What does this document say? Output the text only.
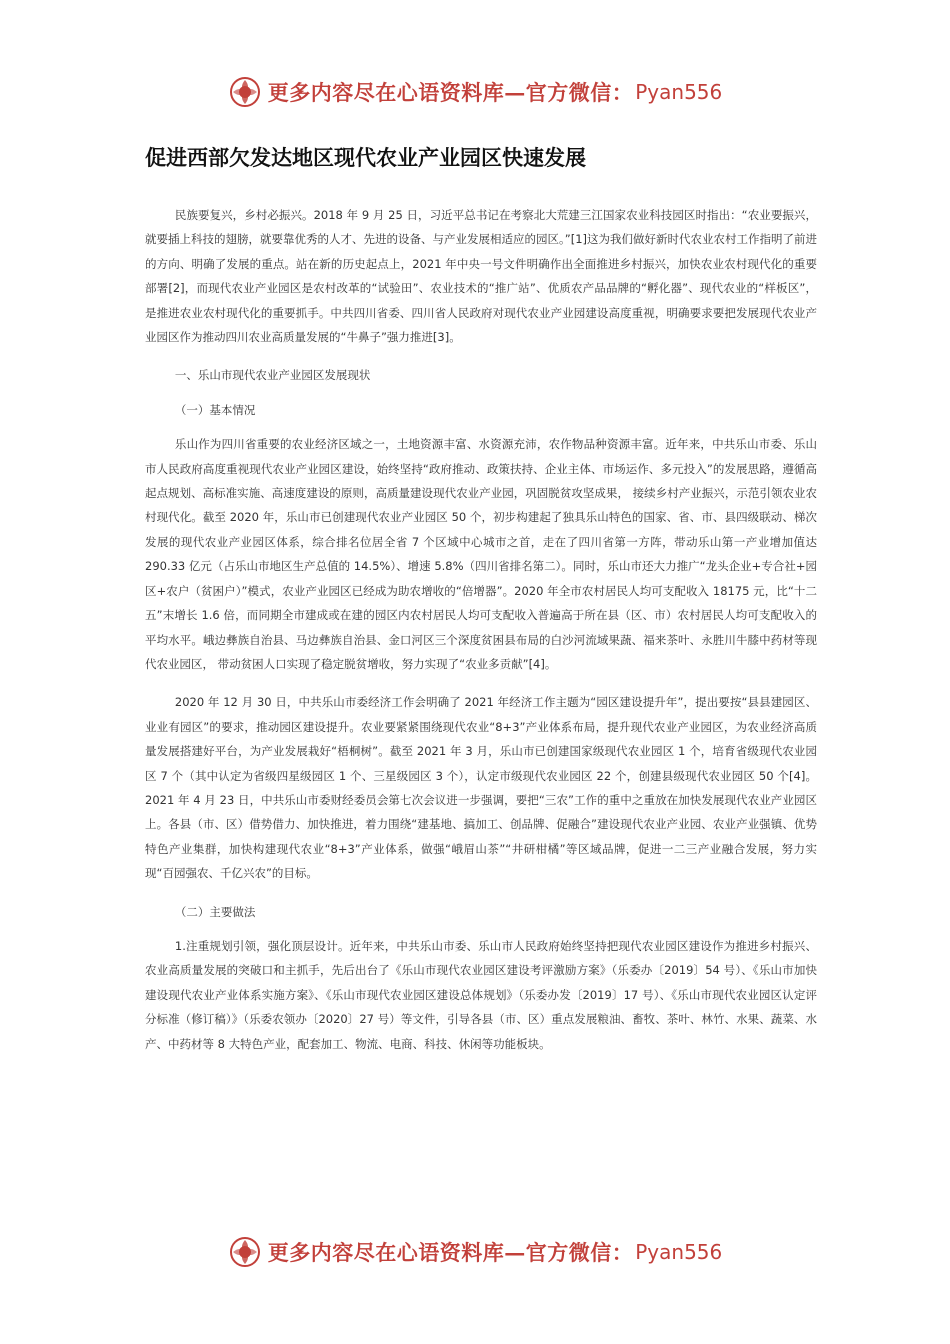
更多内容尽在心语资料库—官方微信： Pyan556
促进西部欠发达地区现代农业产业园区快速发展

民族要复兴，乡村必振兴。2018 年 9 月 25 日，习近平总书记在考察北大荒建三江国家农业科技园区时指出：“农业要振兴，就要插上科技的翅膀，就要靠优秀的人才、先进的设备、与产业发展相适应的园区。”[1]这为我们做好新时代农业农村工作指明了前进的方向、明确了发展的重点。站在新的历史起点上，2021 年中央一号文件明确作出全面推进乡村振兴，加快农业农村现代化的重要部署[2]，而现代农业产业园区是农村改革的“试验田”、农业技术的“推广站”、优质农产品品牌的“孵化器”、现代农业的“样板区”，是推进农业农村现代化的重要抓手。中共四川省委、四川省人民政府对现代农业产业园建设高度重视，明确要求要把发展现代农业产业园区作为推动四川农业高质量发展的“牛鼻子”强力推进[3]。

一、乐山市现代农业产业园区发展现状

（一）基本情况

乐山作为四川省重要的农业经济区域之一，土地资源丰富、水资源充沛，农作物品种资源丰富。近年来，中共乐山市委、乐山市人民政府高度重视现代农业产业园区建设，始终坚持“政府推动、政策扶持、企业主体、市场运作、多元投入”的发展思路，遵循高起点规划、高标准实施、高速度建设的原则，高质量建设现代农业产业园，巩固脱贫攻坚成果， 接续乡村产业振兴，示范引领农业农村现代化。截至 2020 年，乐山市已创建现代农业产业园区 50 个，初步构建起了独具乐山特色的国家、省、市、县四级联动、梯次发展的现代农业产业园区体系，综合排名位居全省 7 个区域中心城市之首，走在了四川省第一方阵，带动乐山第一产业增加值达 290.33 亿元（占乐山市地区生产总值的 14.5%）、增速 5.8%（四川省排名第二）。同时，乐山市还大力推广“龙头企业+专合社+园区+农户（贫困户）”模式，农业产业园区已经成为助农增收的“倍增器”。2020 年全市农村居民人均可支配收入 18175 元，比“十二五”末增长 1.6 倍，而同期全市建成或在建的园区内农村居民人均可支配收入普遍高于所在县（区、市）农村居民人均可支配收入的平均水平。峨边彝族自治县、马边彝族自治县、金口河区三个深度贫困县布局的白沙河流域果蔬、福来茶叶、永胜川牛膝中药材等现代农业园区， 带动贫困人口实现了稳定脱贫增收，努力实现了“农业多贡献”[4]。

2020 年 12 月 30 日，中共乐山市委经济工作会明确了 2021 年经济工作主题为“园区建设提升年”，提出要按“县县建园区、业业有园区”的要求，推动园区建设提升。农业要紧紧围绕现代农业“8+3”产业体系布局，提升现代农业产业园区，为农业经济高质量发展搭建好平台，为产业发展栽好“梧桐树”。截至 2021 年 3 月，乐山市已创建国家级现代农业园区 1 个，培育省级现代农业园区 7 个（其中认定为省级四星级园区 1 个、三星级园区 3 个），认定市级现代农业园区 22 个，创建县级现代农业园区 50 个[4]。2021 年 4 月 23 日，中共乐山市委财经委员会第七次会议进一步强调，要把“三农”工作的重中之重放在加快发展现代农业产业园区上。各县（市、区）借势借力、加快推进，着力围绕“建基地、搞加工、创品牌、促融合”建设现代农业产业园、农业产业强镇、优势特色产业集群，加快构建现代农业“8+3”产业体系，做强“峨眉山茶”“井研柑橘”等区域品牌，促进一二三产业融合发展，努力实现“百园强农、千亿兴农”的目标。

（二）主要做法

1.注重规划引领，强化顶层设计。近年来，中共乐山市委、乐山市人民政府始终坚持把现代农业园区建设作为推进乡村振兴、农业高质量发展的突破口和主抓手，先后出台了《乐山市现代农业园区建设考评激励方案》（乐委办〔2019〕54 号）、《乐山市加快建设现代农业产业体系实施方案》、《乐山市现代农业园区建设总体规划》（乐委办发〔2019〕17 号）、《乐山市现代农业园区认定评分标准（修订稿）》（乐委农领办〔2020〕27 号）等文件，引导各县（市、区）重点发展粮油、畜牧、茶叶、林竹、水果、蔬菜、水产、中药材等 8 大特色产业，配套加工、物流、电商、科技、休闲等功能板块。

更多内容尽在心语资料库—官方微信： Pyan556
